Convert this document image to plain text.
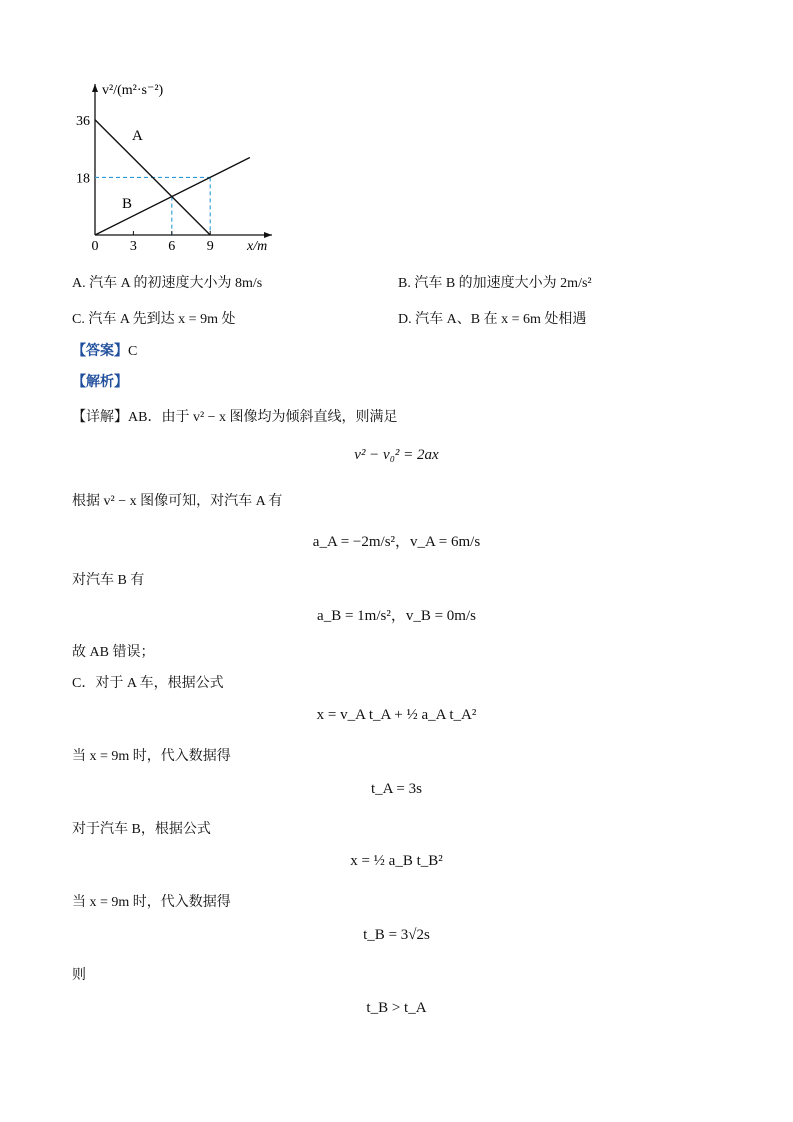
A
B
0 3 6 9
18
36
v²/(m²·s⁻²)
x/m
A. 汽车 A 的初速度大小为 8m/s	B. 汽车 B 的加速度大小为 2m/s²
C. 汽车 A 先到达 x = 9m 处	D. 汽车 A、B 在 x = 6m 处相遇
【答案】C
【解析】
【详解】AB．由于 v² − x 图像均为倾斜直线，则满足
v² − v₀² = 2ax
根据 v² − x 图像可知，对汽车 A 有
a_A = −2m/s²，v_A = 6m/s
对汽车 B 有
a_B = 1m/s²，v_B = 0m/s
故 AB 错误；
C．对于 A 车，根据公式
x = v_A t_A + ½ a_A t_A²
当 x = 9m 时，代入数据得
t_A = 3s
对于汽车 B，根据公式
x = ½ a_B t_B²
当 x = 9m 时，代入数据得
t_B = 3√2s
则
t_B > t_A
